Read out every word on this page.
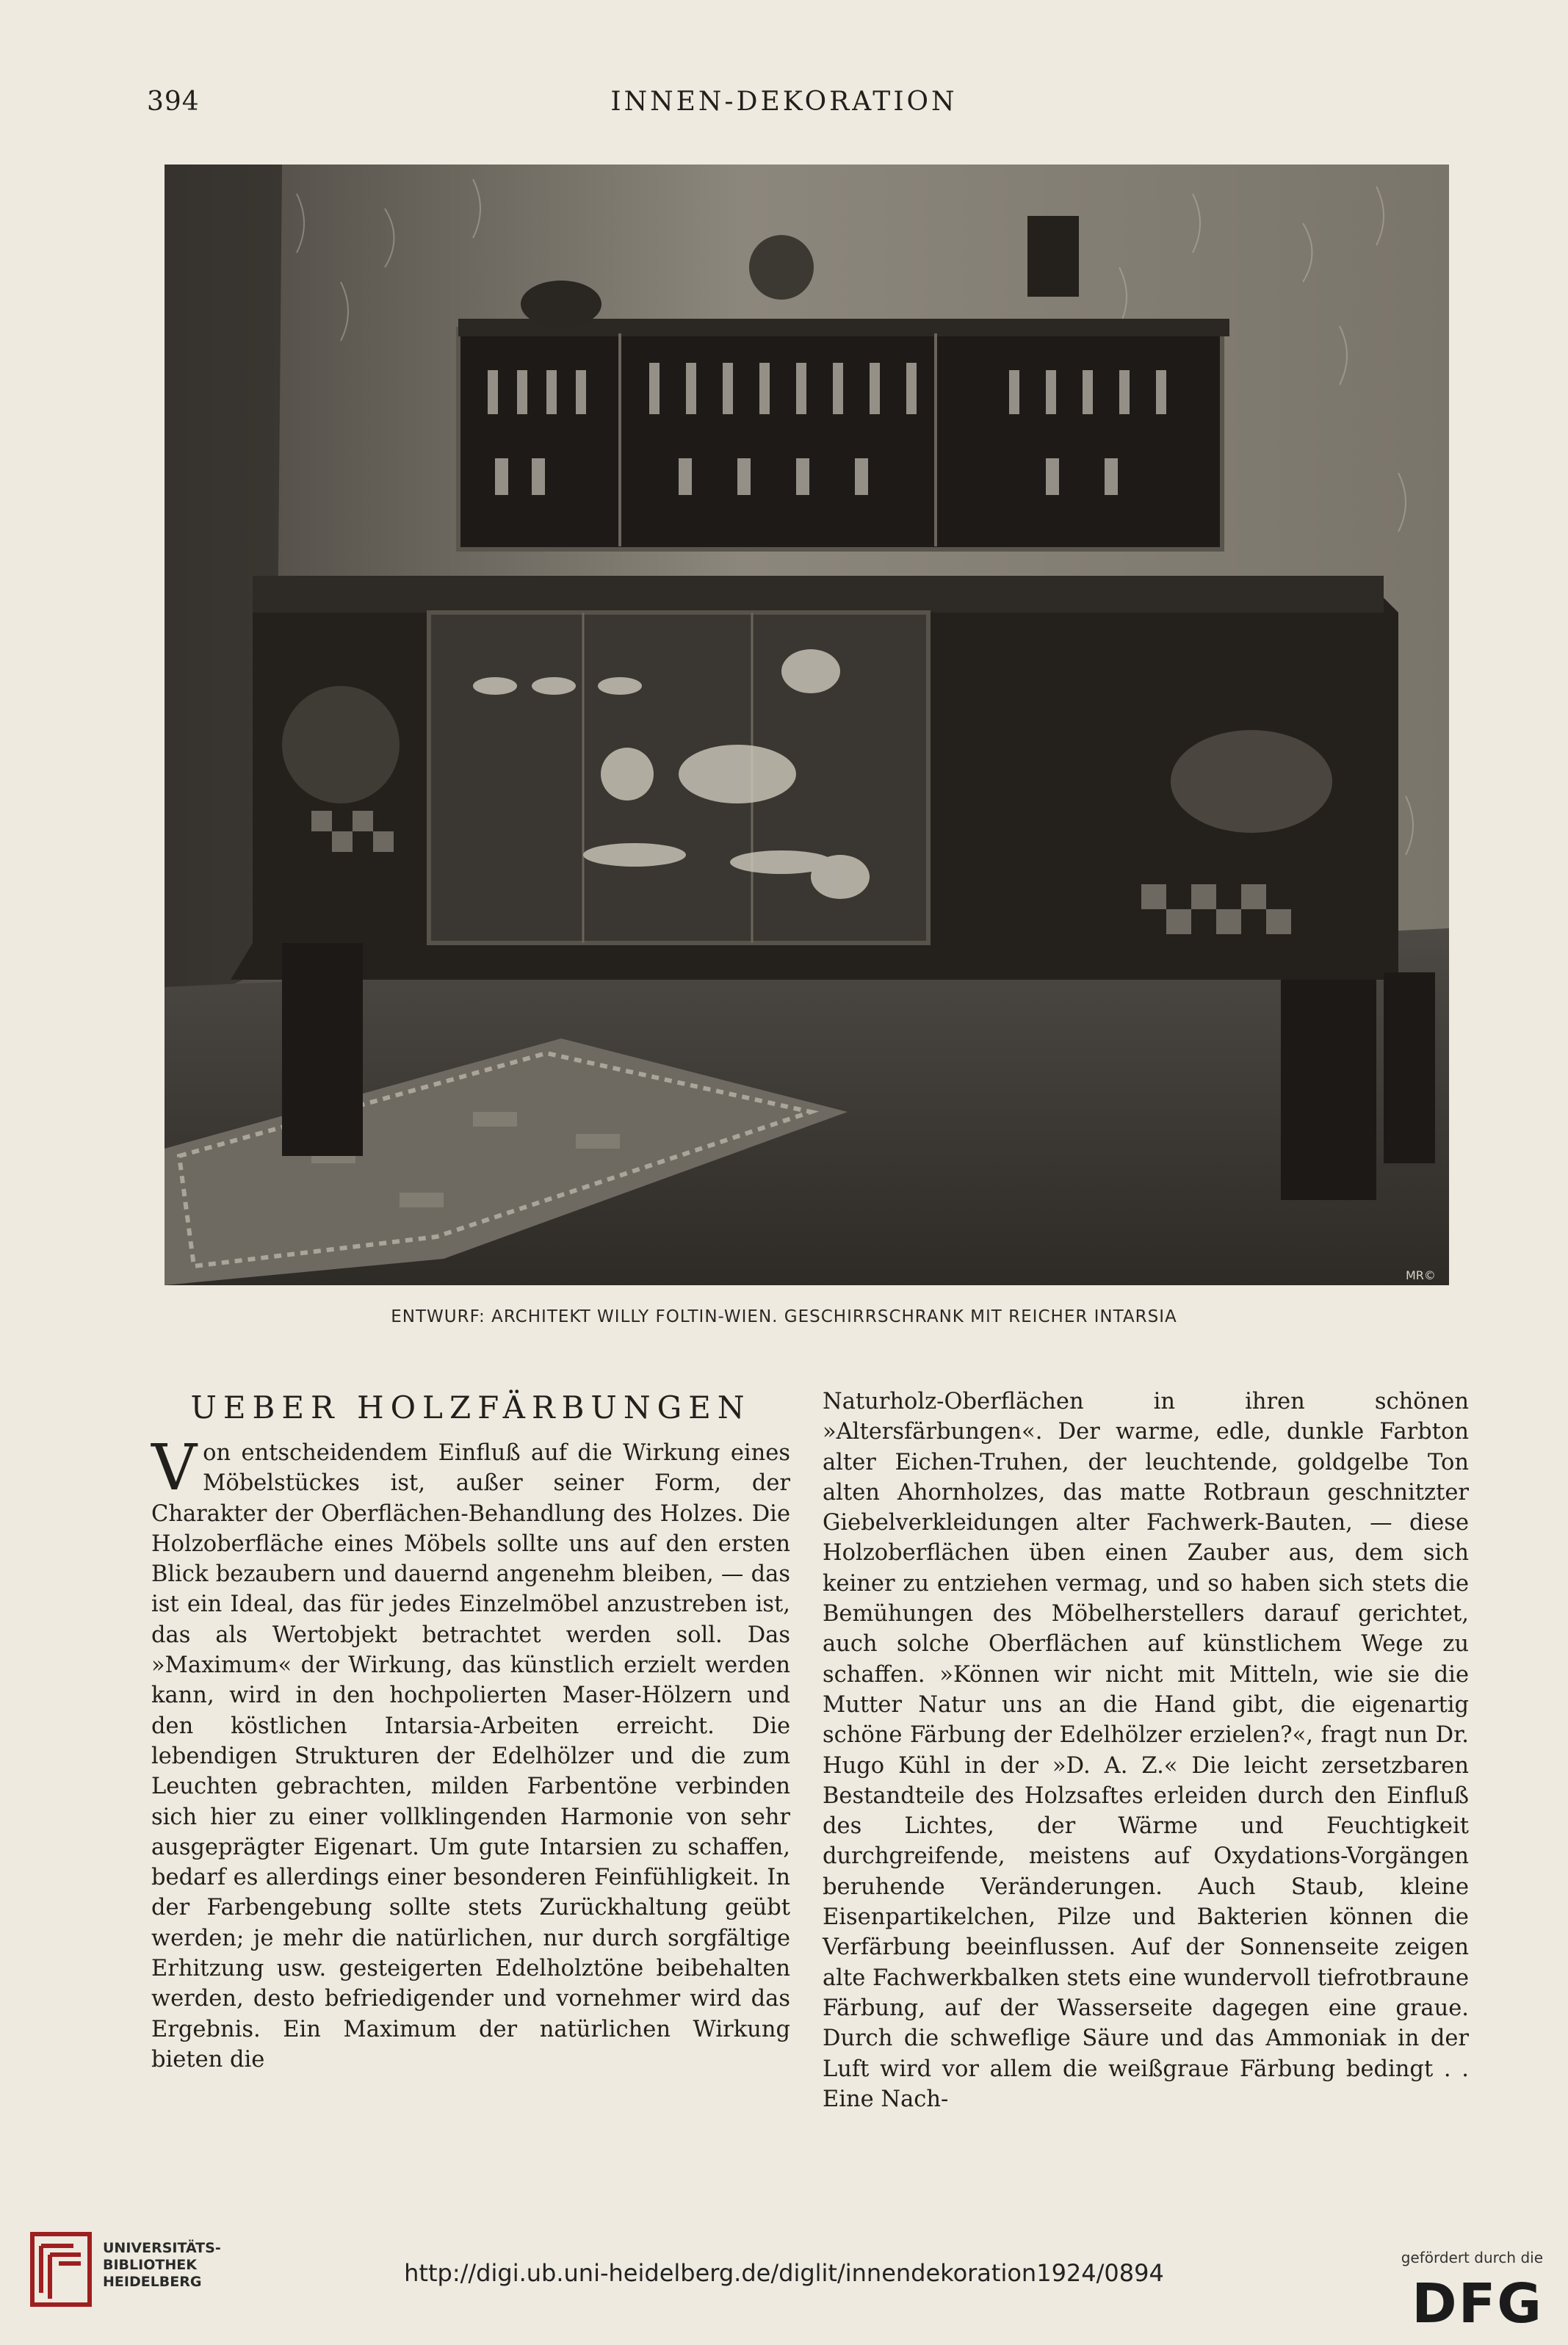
394	INNEN-DEKORATION
MR©
ENTWURF: ARCHITEKT WILLY FOLTIN-WIEN. GESCHIRRSCHRANK MIT REICHER INTARSIA
UEBER HOLZFÄRBUNGEN

Von entscheidendem Einfluß auf die Wirkung eines Möbelstückes ist, außer seiner Form, der Charakter der Oberflächen-Behandlung des Holzes. Die Holzoberfläche eines Möbels sollte uns auf den ersten Blick bezaubern und dauernd angenehm bleiben, — das ist ein Ideal, das für jedes Einzelmöbel anzustreben ist, das als Wertobjekt betrachtet werden soll. Das »Maximum« der Wirkung, das künstlich erzielt werden kann, wird in den hochpolierten Maser-Hölzern und den köstlichen Intarsia-Arbeiten erreicht. Die lebendigen Strukturen der Edelhölzer und die zum Leuchten gebrachten, milden Farbentöne verbinden sich hier zu einer vollklingenden Harmonie von sehr ausgeprägter Eigenart. Um gute Intarsien zu schaffen, bedarf es allerdings einer besonderen Feinfühligkeit. In der Farbengebung sollte stets Zurückhaltung geübt werden; je mehr die natürlichen, nur durch sorgfältige Erhitzung usw. gesteigerten Edelholztöne beibehalten werden, desto befriedigender und vornehmer wird das Ergebnis. Ein Maximum der natürlichen Wirkung bieten die

Naturholz-Oberflächen in ihren schönen »Altersfärbungen«. Der warme, edle, dunkle Farbton alter Eichen-Truhen, der leuchtende, goldgelbe Ton alten Ahornholzes, das matte Rotbraun geschnitzter Giebelverkleidungen alter Fachwerk-Bauten, — diese Holzoberflächen üben einen Zauber aus, dem sich keiner zu entziehen vermag, und so haben sich stets die Bemühungen des Möbelherstellers darauf gerichtet, auch solche Oberflächen auf künstlichem Wege zu schaffen. »Können wir nicht mit Mitteln, wie sie die Mutter Natur uns an die Hand gibt, die eigenartig schöne Färbung der Edelhölzer erzielen?«, fragt nun Dr. Hugo Kühl in der »D. A. Z.« Die leicht zersetzbaren Bestandteile des Holzsaftes erleiden durch den Einfluß des Lichtes, der Wärme und Feuchtigkeit durchgreifende, meistens auf Oxydations-Vorgängen beruhende Veränderungen. Auch Staub, kleine Eisenpartikelchen, Pilze und Bakterien können die Verfärbung beeinflussen. Auf der Sonnenseite zeigen alte Fachwerkbalken stets eine wundervoll tiefrotbraune Färbung, auf der Wasserseite dagegen eine graue. Durch die schweflige Säure und das Ammoniak in der Luft wird vor allem die weißgraue Färbung bedingt . . Eine Nach-

UNIVERSITÄTS-
BIBLIOTHEK
HEIDELBERG	http://digi.ub.uni-heidelberg.de/diglit/innendekoration1924/0894
gefördert durch die
DFG
